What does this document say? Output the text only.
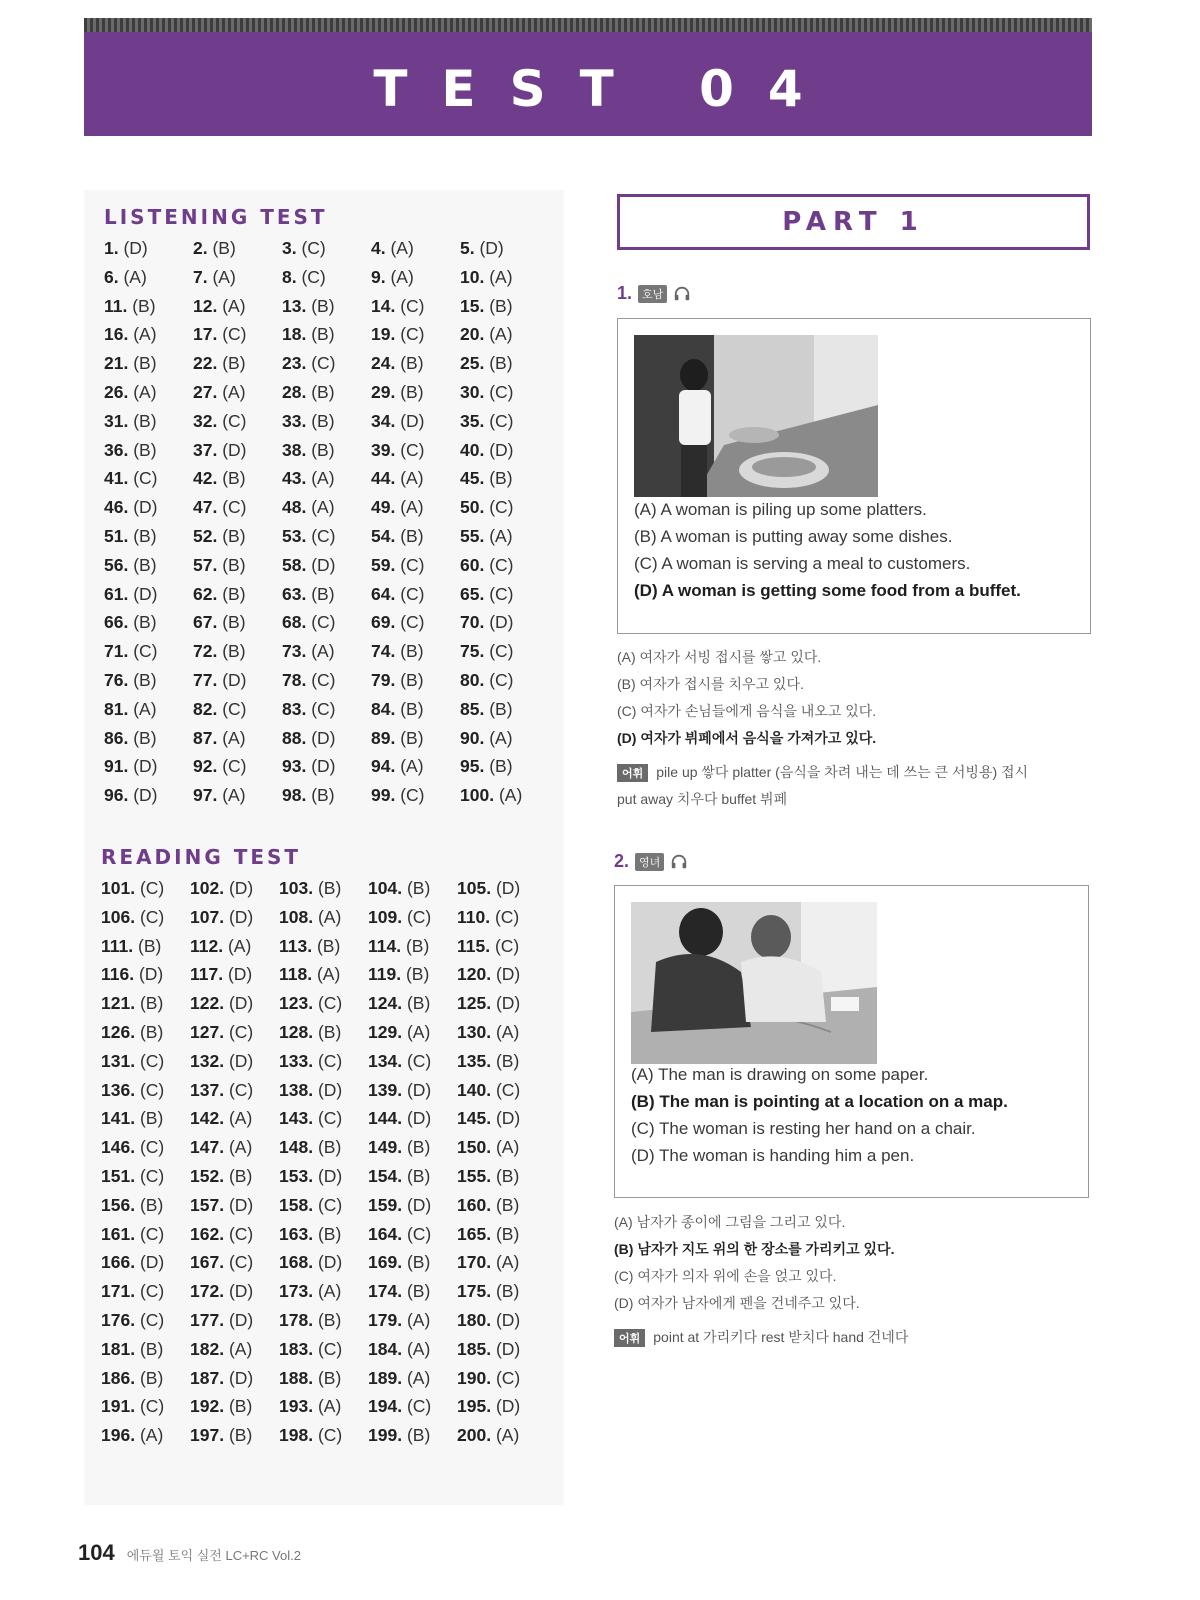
TEST 04
LISTENING TEST
1. (D)	2. (B)	3. (C)	4. (A)	5. (D)
6. (A)	7. (A)	8. (C)	9. (A)	10. (A)
11. (B)	12. (A)	13. (B)	14. (C)	15. (B)
16. (A)	17. (C)	18. (B)	19. (C)	20. (A)
21. (B)	22. (B)	23. (C)	24. (B)	25. (B)
26. (A)	27. (A)	28. (B)	29. (B)	30. (C)
31. (B)	32. (C)	33. (B)	34. (D)	35. (C)
36. (B)	37. (D)	38. (B)	39. (C)	40. (D)
41. (C)	42. (B)	43. (A)	44. (A)	45. (B)
46. (D)	47. (C)	48. (A)	49. (A)	50. (C)
51. (B)	52. (B)	53. (C)	54. (B)	55. (A)
56. (B)	57. (B)	58. (D)	59. (C)	60. (C)
61. (D)	62. (B)	63. (B)	64. (C)	65. (C)
66. (B)	67. (B)	68. (C)	69. (C)	70. (D)
71. (C)	72. (B)	73. (A)	74. (B)	75. (C)
76. (B)	77. (D)	78. (C)	79. (B)	80. (C)
81. (A)	82. (C)	83. (C)	84. (B)	85. (B)
86. (B)	87. (A)	88. (D)	89. (B)	90. (A)
91. (D)	92. (C)	93. (D)	94. (A)	95. (B)
96. (D)	97. (A)	98. (B)	99. (C)	100. (A)
READING TEST
101. (C)	102. (D)	103. (B)	104. (B)	105. (D)
106. (C)	107. (D)	108. (A)	109. (C)	110. (C)
111. (B)	112. (A)	113. (B)	114. (B)	115. (C)
116. (D)	117. (D)	118. (A)	119. (B)	120. (D)
121. (B)	122. (D)	123. (C)	124. (B)	125. (D)
126. (B)	127. (C)	128. (B)	129. (A)	130. (A)
131. (C)	132. (D)	133. (C)	134. (C)	135. (B)
136. (C)	137. (C)	138. (D)	139. (D)	140. (C)
141. (B)	142. (A)	143. (C)	144. (D)	145. (D)
146. (C)	147. (A)	148. (B)	149. (B)	150. (A)
151. (C)	152. (B)	153. (D)	154. (B)	155. (B)
156. (B)	157. (D)	158. (C)	159. (D)	160. (B)
161. (C)	162. (C)	163. (B)	164. (C)	165. (B)
166. (D)	167. (C)	168. (D)	169. (B)	170. (A)
171. (C)	172. (D)	173. (A)	174. (B)	175. (B)
176. (C)	177. (D)	178. (B)	179. (A)	180. (D)
181. (B)	182. (A)	183. (C)	184. (A)	185. (D)
186. (B)	187. (D)	188. (B)	189. (A)	190. (C)
191. (C)	192. (B)	193. (A)	194. (C)	195. (D)
196. (A)	197. (B)	198. (C)	199. (B)	200. (A)
PART 1
1. 호남
(A) A woman is piling up some platters.
(B) A woman is putting away some dishes.
(C) A woman is serving a meal to customers.
(D) A woman is getting some food from a buffet.
(A) 여자가 서빙 접시를 쌓고 있다.
(B) 여자가 접시를 치우고 있다.
(C) 여자가 손님들에게 음식을 내오고 있다.
(D) 여자가 뷔페에서 음식을 가져가고 있다.
어휘 pile up 쌓다 platter (음식을 차려 내는 데 쓰는 큰 서빙용) 접시
put away 치우다 buffet 뷔페
2. 영녀
(A) The man is drawing on some paper.
(B) The man is pointing at a location on a map.
(C) The woman is resting her hand on a chair.
(D) The woman is handing him a pen.
(A) 남자가 종이에 그림을 그리고 있다.
(B) 남자가 지도 위의 한 장소를 가리키고 있다.
(C) 여자가 의자 위에 손을 얹고 있다.
(D) 여자가 남자에게 펜을 건네주고 있다.
어휘 point at 가리키다 rest 받치다 hand 건네다
104 에듀윌 토익 실전 LC+RC Vol.2
